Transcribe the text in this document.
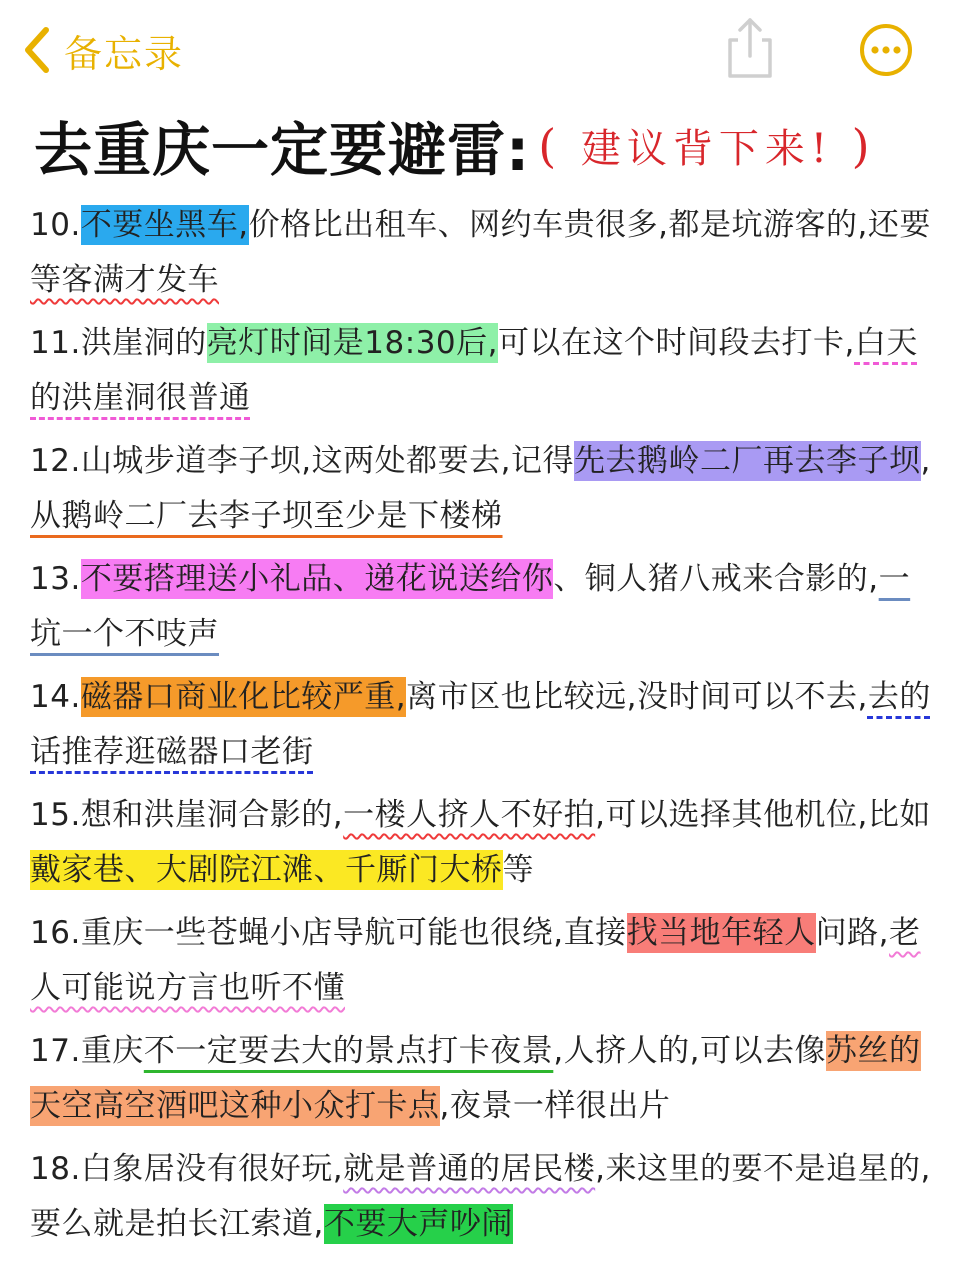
备忘录
去重庆一定要避雷: ( 建议背下来! )
10.不要坐黑车,价格比出租车、网约车贵很多,都是坑游客的,还要等客满才发车
11.洪崖洞的亮灯时间是18:30后,可以在这个时间段去打卡,白天的洪崖洞很普通
12.山城步道李子坝,这两处都要去,记得先去鹅岭二厂再去李子坝,从鹅岭二厂去李子坝至少是下楼梯
13.不要搭理送小礼品、递花说送给你、铜人猪八戒来合影的,一坑一个不吱声
14.磁器口商业化比较严重,离市区也比较远,没时间可以不去,去的话推荐逛磁器口老街
15.想和洪崖洞合影的,一楼人挤人不好拍,可以选择其他机位,比如戴家巷、大剧院江滩、千厮门大桥等
16.重庆一些苍蝇小店导航可能也很绕,直接找当地年轻人问路,老人可能说方言也听不懂
17.重庆不一定要去大的景点打卡夜景,人挤人的,可以去像苏丝的天空高空酒吧这种小众打卡点,夜景一样很出片
18.白象居没有很好玩,就是普通的居民楼,来这里的要不是追星的,要么就是拍长江索道,不要大声吵闹
